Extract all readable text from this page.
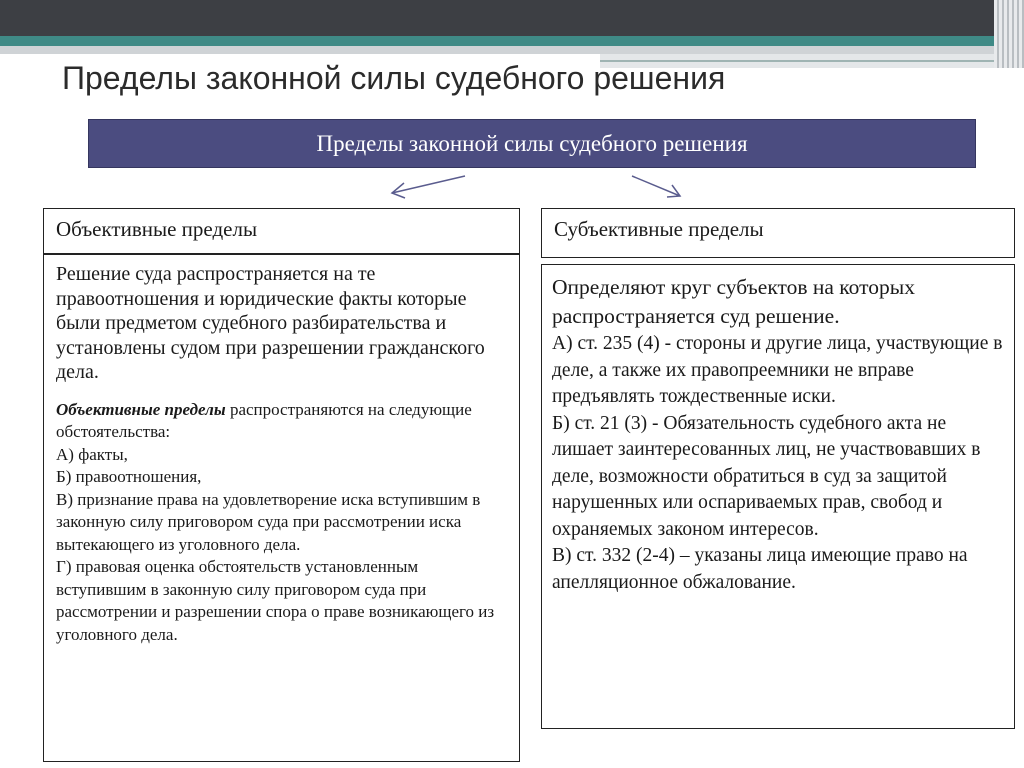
Пределы законной силы судебного решения
Пределы законной силы судебного решения
Объективные пределы

Решение суда распространяется на те правоотношения и юридические факты которые были предметом судебного разбирательства и установлены судом при разрешении гражданского дела.

Объективные пределы распространяются на следующие обстоятельства:
А) факты,
Б) правоотношения,
В) признание права на удовлетворение иска вступившим в законную силу приговором суда при рассмотрении иска вытекающего из уголовного дела.
Г) правовая оценка обстоятельств установленным вступившим в законную силу приговором суда при рассмотрении и разрешении спора о праве возникающего из уголовного дела.

Субъективные пределы

Определяют круг субъектов на которых распространяется суд решение.

А) ст. 235 (4) - стороны и другие лица, участвующие в деле, а также их правопреемники не вправе предъявлять тождественные иски.
Б) ст. 21 (3) - Обязательность судебного акта не лишает заинтересованных лиц, не участвовавших в деле, возможности обратиться в суд за защитой нарушенных или оспариваемых прав, свобод и охраняемых законом интересов.
В) ст. 332 (2-4) – указаны лица имеющие право на апелляционное обжалование.
